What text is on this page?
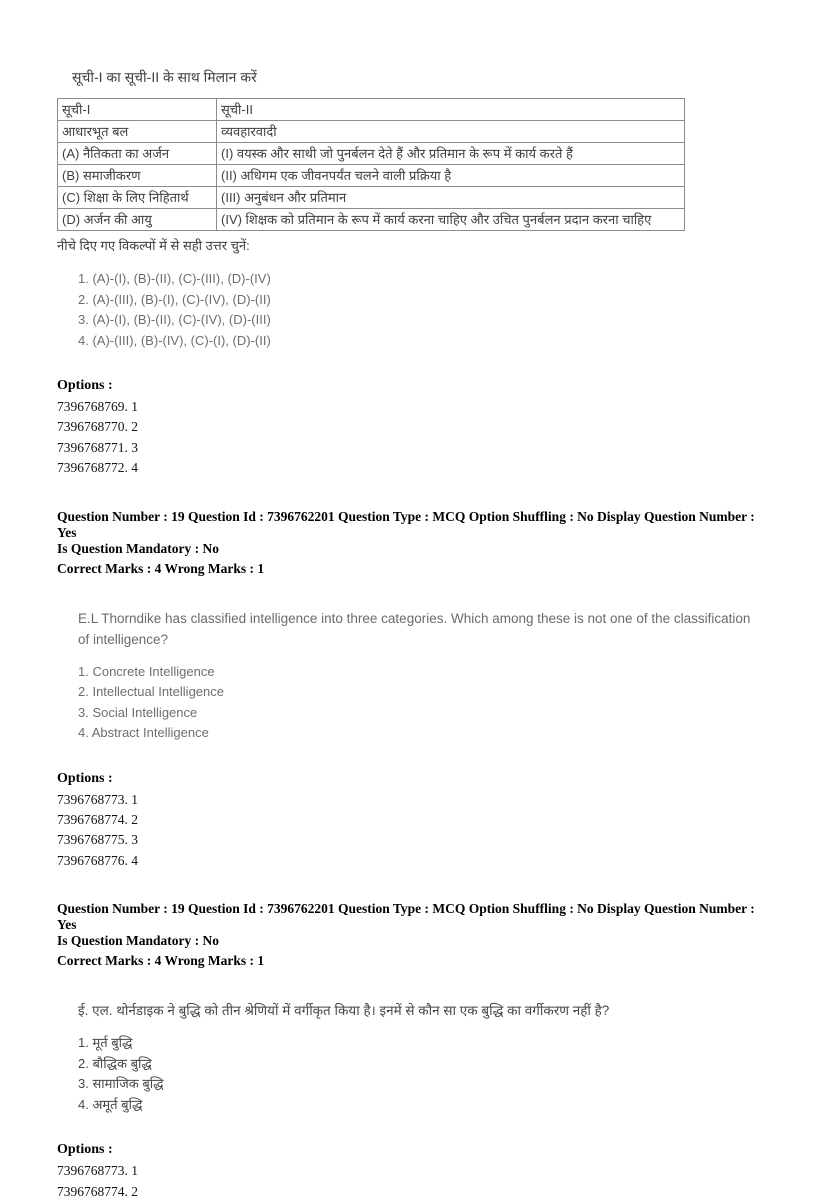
सूची-I का सूची-II के साथ मिलान करें

सूची-I	सूची-II
आधारभूत बल	व्यवहारवादी
(A) नैतिकता का अर्जन	(I) वयस्क और साथी जो पुनर्बलन देते हैं और प्रतिमान के रूप में कार्य करते हैं
(B) समाजीकरण	(II) अधिगम एक जीवनपर्यंत चलने वाली प्रक्रिया है
(C) शिक्षा के लिए निहितार्थ	(III) अनुबंधन और प्रतिमान
(D) अर्जन की आयु	(IV) शिक्षक को प्रतिमान के रूप में कार्य करना चाहिए और उचित पुनर्बलन प्रदान करना चाहिए
नीचे दिए गए विकल्पों में से सही उत्तर चुनें:
1. (A)-(I), (B)-(II), (C)-(III), (D)-(IV)
2. (A)-(III), (B)-(I), (C)-(IV), (D)-(II)
3. (A)-(I), (B)-(II), (C)-(IV), (D)-(III)
4. (A)-(III), (B)-(IV), (C)-(I), (D)-(II)
Options :
7396768769. 1
7396768770. 2
7396768771. 3
7396768772. 4
Question Number : 19 Question Id : 7396762201 Question Type : MCQ Option Shuffling : No Display Question Number : Yes
Is Question Mandatory : No
Correct Marks : 4 Wrong Marks : 1

E.L Thorndike has classified intelligence into three categories. Which among these is not one of the classification of intelligence?

1. Concrete Intelligence
2. Intellectual Intelligence
3. Social Intelligence
4. Abstract Intelligence
Options :
7396768773. 1
7396768774. 2
7396768775. 3
7396768776. 4
Question Number : 19 Question Id : 7396762201 Question Type : MCQ Option Shuffling : No Display Question Number : Yes
Is Question Mandatory : No
Correct Marks : 4 Wrong Marks : 1

ई. एल. थोर्नडाइक ने बुद्धि को तीन श्रेणियों में वर्गीकृत किया है। इनमें से कौन सा एक बुद्धि का वर्गीकरण नहीं है?

1. मूर्त बुद्धि
2. बौद्धिक बुद्धि
3. सामाजिक बुद्धि
4. अमूर्त बुद्धि
Options :
7396768773. 1
7396768774. 2
